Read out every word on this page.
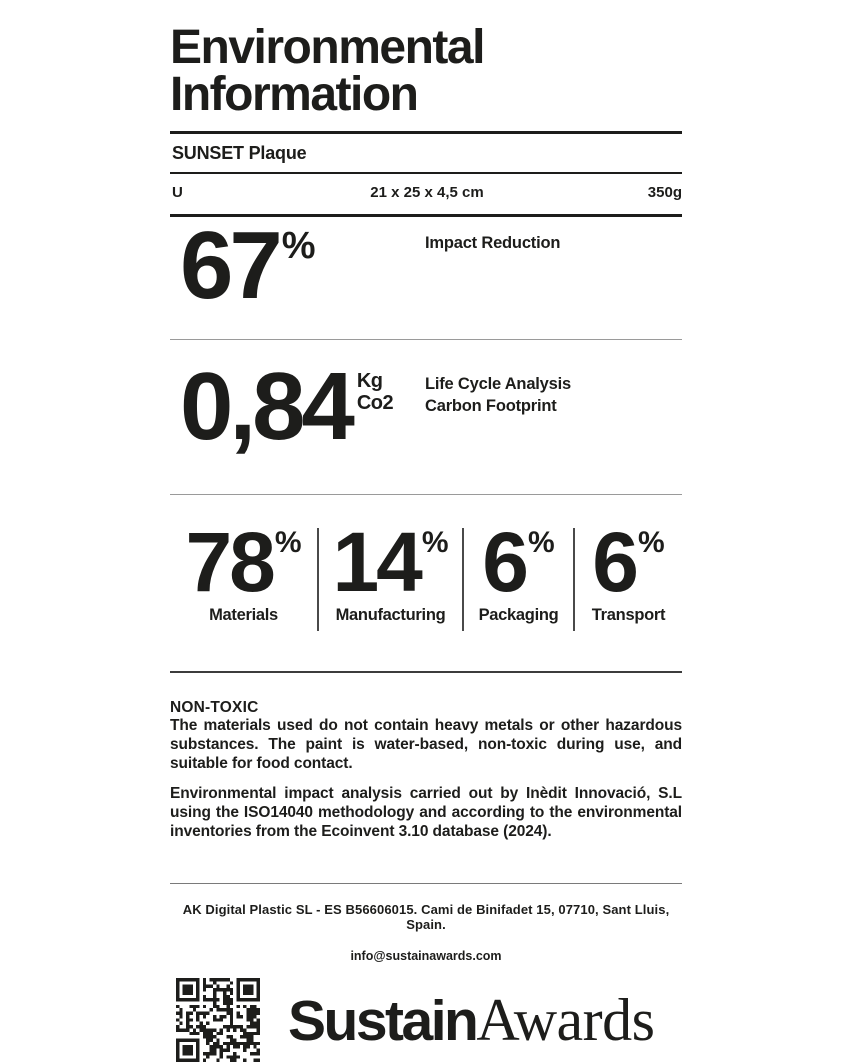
Environmental
Information
SUNSET Plaque
U	21 x 25 x 4,5 cm	350g
67 %	Impact Reduction
0,84 Kg
Co2
Life Cycle Analysis
Carbon Footprint
78 %
Materials
14 %
Manufacturing
6 %
Packaging
6 %
Transport
NON-TOXIC
The materials used do not contain heavy metals or other hazardous substances. The paint is water-based, non-toxic during use, and suitable for food contact.
Environmental impact analysis carried out by Inèdit Innovació, S.L using the ISO14040 methodology and according to the environmental inventories from the Ecoinvent 3.10 database (2024).
AK Digital Plastic SL - ES B56606015. Cami de Binifadet 15, 07710, Sant Lluis, Spain.
info@sustainawards.com
Sustain Awards
